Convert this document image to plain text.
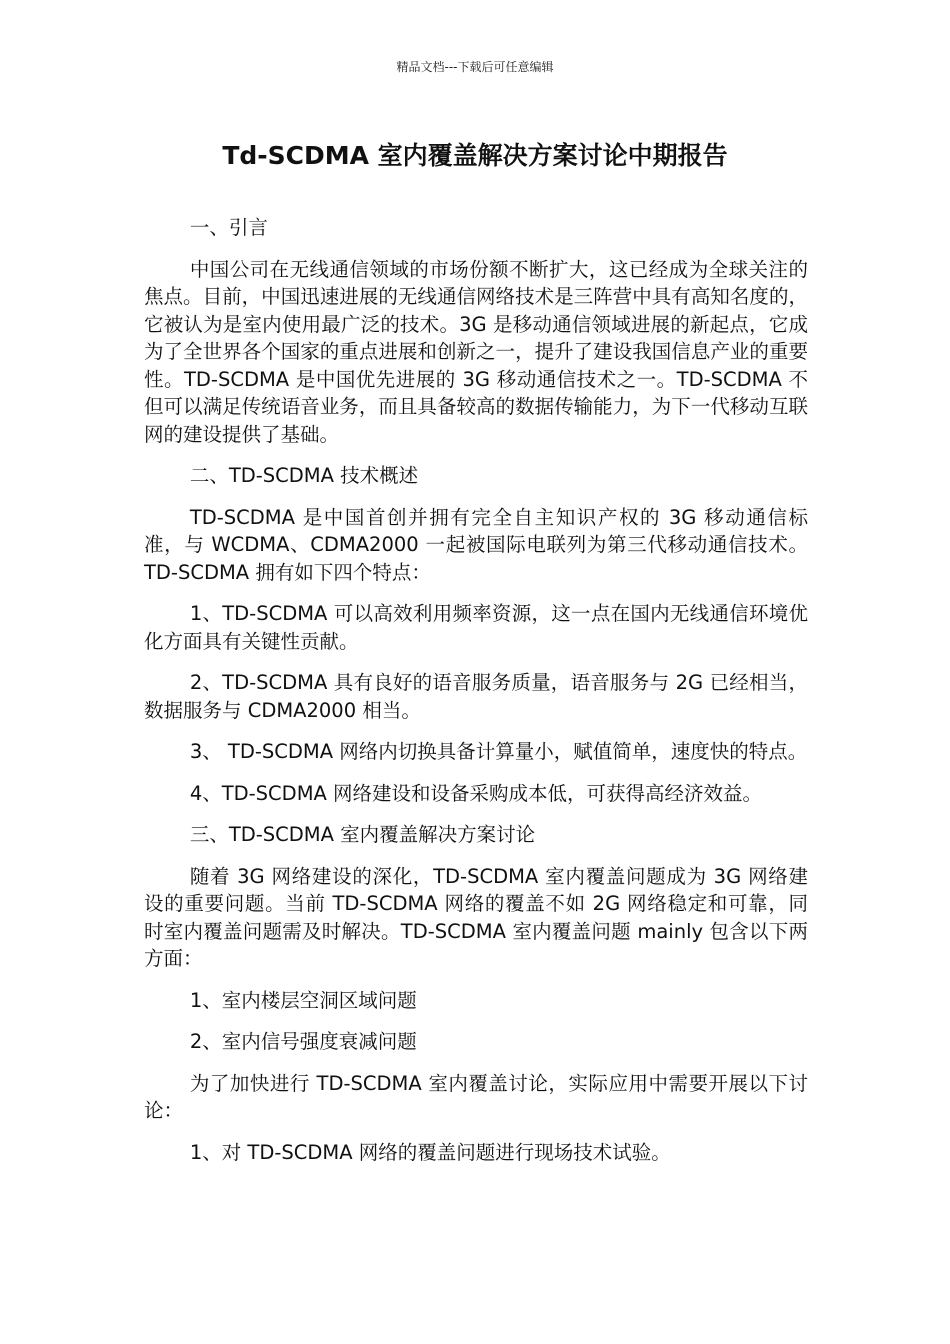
精品文档---下载后可任意编辑
Td-SCDMA 室内覆盖解决方案讨论中期报告

一、引言

中国公司在无线通信领域的市场份额不断扩大，这已经成为全球关注的焦点。目前，中国迅速进展的无线通信网络技术是三阵营中具有高知名度的，它被认为是室内使用最广泛的技术。3G 是移动通信领域进展的新起点，它成为了全世界各个国家的重点进展和创新之一，提升了建设我国信息产业的重要性。TD-SCDMA 是中国优先进展的 3G 移动通信技术之一。TD-SCDMA 不但可以满足传统语音业务，而且具备较高的数据传输能力，为下一代移动互联网的建设提供了基础。

二、TD-SCDMA 技术概述

TD-SCDMA 是中国首创并拥有完全自主知识产权的 3G 移动通信标准，与 WCDMA、CDMA2000 一起被国际电联列为第三代移动通信技术。TD-SCDMA 拥有如下四个特点：

1、TD-SCDMA 可以高效利用频率资源，这一点在国内无线通信环境优化方面具有关键性贡献。

2、TD-SCDMA 具有良好的语音服务质量，语音服务与 2G 已经相当，数据服务与 CDMA2000 相当。

3、 TD-SCDMA 网络内切换具备计算量小，赋值简单，速度快的特点。

4、TD-SCDMA 网络建设和设备采购成本低，可获得高经济效益。

三、TD-SCDMA 室内覆盖解决方案讨论

随着 3G 网络建设的深化，TD-SCDMA 室内覆盖问题成为 3G 网络建设的重要问题。当前 TD-SCDMA 网络的覆盖不如 2G 网络稳定和可靠，同时室内覆盖问题需及时解决。TD-SCDMA 室内覆盖问题 mainly 包含以下两方面：

1、室内楼层空洞区域问题

2、室内信号强度衰减问题

为了加快进行 TD-SCDMA 室内覆盖讨论，实际应用中需要开展以下讨论：

1、对 TD-SCDMA 网络的覆盖问题进行现场技术试验。
